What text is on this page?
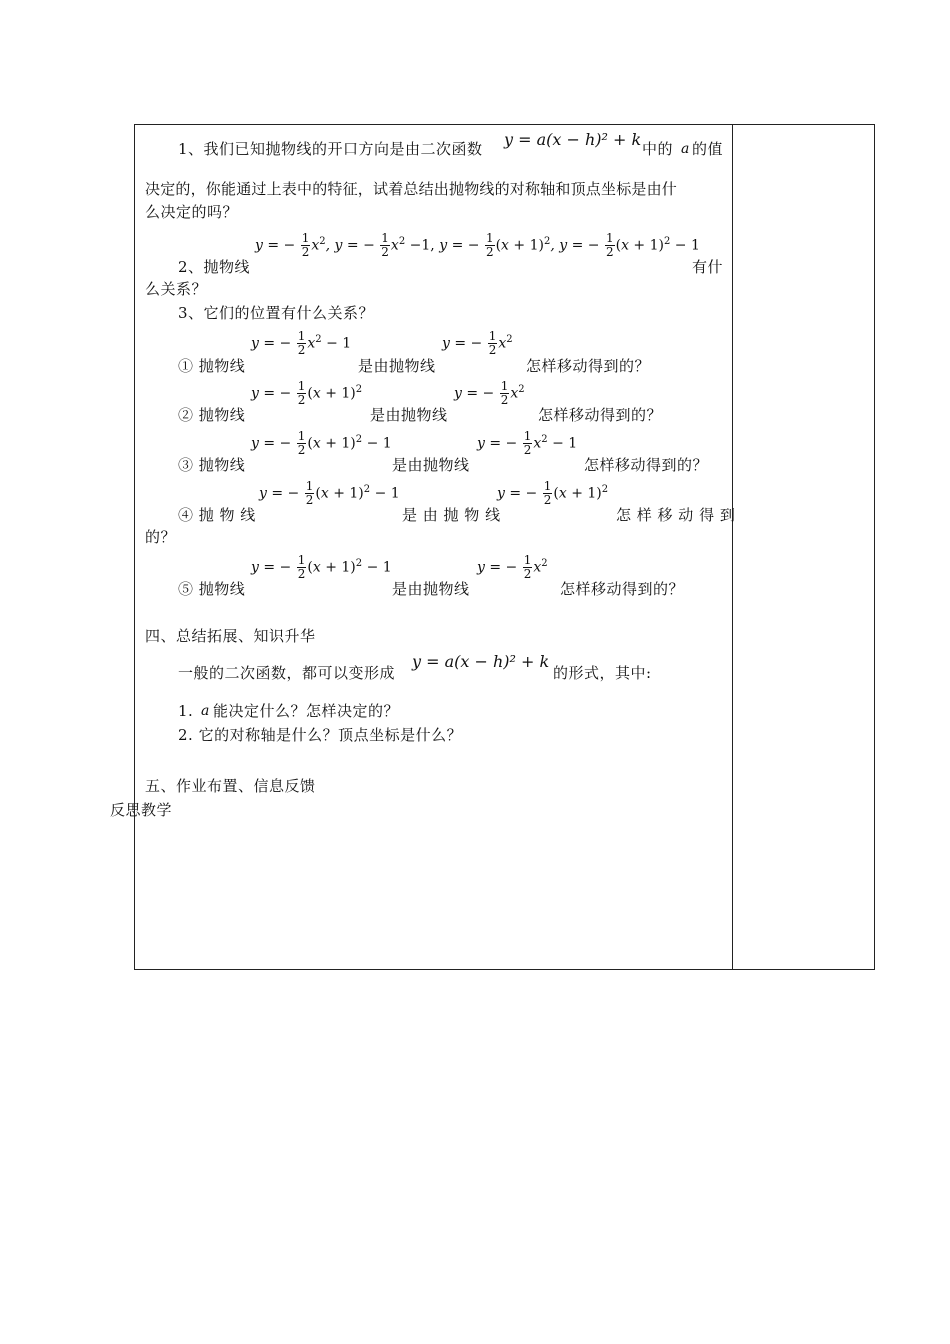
1、我们已知抛物线的开口方向是由二次函数 y = a(x − h)² + k 中的 a 的值
决定的，你能通过上表中的特征，试着总结出抛物线的对称轴和顶点坐标是由什
么决定的吗？
y = − $\frac{1}{2} x^2$, y = − $\frac{1}{2} x^2 -1$, y = − $\frac{1}{2} (x + 1)^2$, y = − $\frac{1}{2} (x + 1)^2 - 1$
2、抛物线	有什
么关系？
3、它们的位置有什么关系？
y = − $\frac{1}{2} x^2 - 1$
① 抛物线	是由抛物线
y = − $\frac{1}{2} x^2$
怎样移动得到的？
y = − $\frac{1}{2} (x + 1)^2$
② 抛物线	是由抛物线
y = − $\frac{1}{2} x^2$
怎样移动得到的？
y = − $\frac{1}{2} (x + 1)^2 - 1$
③ 抛物线	是由抛物线
y = − $\frac{1}{2} x^2 - 1$
怎样移动得到的？
y = − $\frac{1}{2} (x + 1)^2 - 1$
④ 抛 物 线	是 由 抛 物 线
y = − $\frac{1}{2} (x + 1)^2$
怎 样 移 动 得 到
的？
y = − $\frac{1}{2} (x + 1)^2 - 1$
⑤ 抛物线	是由抛物线
y = − $\frac{1}{2} x^2$
怎样移动得到的？
四、总结拓展、知识升华
一般的二次函数，都可以变形成
y = a(x − h)² + k
的形式，其中:
1. a 能决定什么？怎样决定的？
2. 它的对称轴是什么？顶点坐标是什么？
五、作业布置、信息反馈
反思教学
